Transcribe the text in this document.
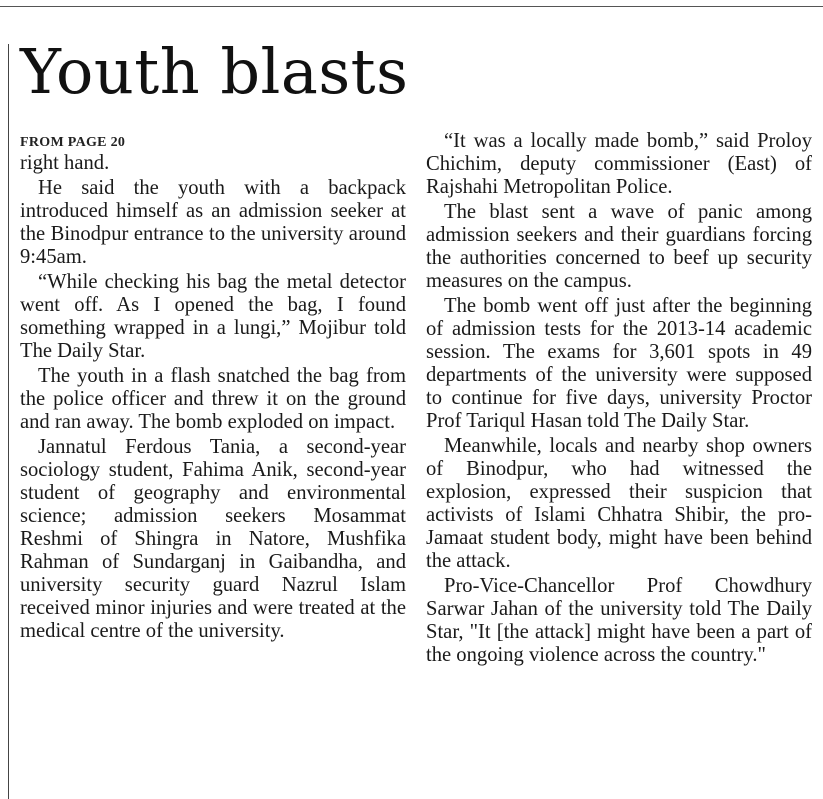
Youth blasts
FROM PAGE 20

right hand.

He said the youth with a backpack introduced himself as an admission seeker at the Binodpur entrance to the university around 9:45am.

“While checking his bag the metal detector went off. As I opened the bag, I found something wrapped in a lungi,” Mojibur told The Daily Star.

The youth in a flash snatched the bag from the police officer and threw it on the ground and ran away. The bomb exploded on impact.

Jannatul Ferdous Tania, a second-year sociology student, Fahima Anik, second-year student of geography and environmental science; admission seekers Mosammat Reshmi of Shingra in Natore, Mushfika Rahman of Sundarganj in Gaibandha, and university security guard Nazrul Islam received minor injuries and were treated at the medical centre of the university.

“It was a locally made bomb,” said Proloy Chichim, deputy commissioner (East) of Rajshahi Metropolitan Police.

The blast sent a wave of panic among admission seekers and their guardians forcing the authorities concerned to beef up security measures on the campus.

The bomb went off just after the beginning of admission tests for the 2013-14 academic session. The exams for 3,601 spots in 49 departments of the university were supposed to continue for five days, university Proctor Prof Tariqul Hasan told The Daily Star.

Meanwhile, locals and nearby shop owners of Binodpur, who had witnessed the explosion, expressed their suspicion that activists of Islami Chhatra Shibir, the pro-Jamaat student body, might have been behind the attack.

Pro-Vice-Chancellor Prof Chowdhury Sarwar Jahan of the university told The Daily Star, "It [the attack] might have been a part of the ongoing violence across the country."
